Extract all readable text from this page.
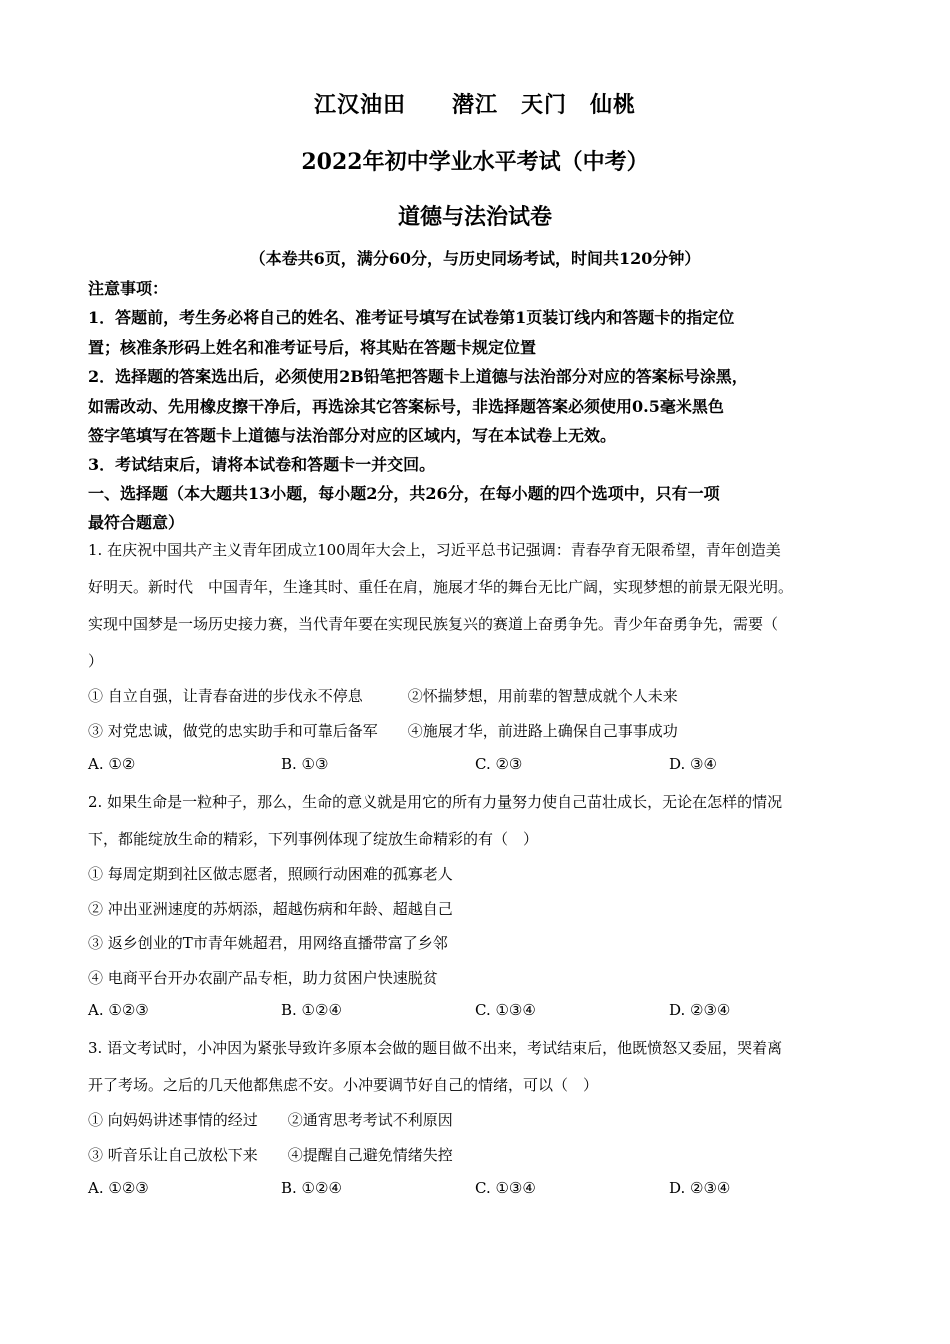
江汉油田　　潜江　天门　仙桃
2022年初中学业水平考试（中考）
道德与法治试卷
（本卷共6页，满分60分，与历史同场考试，时间共120分钟）
注意事项：
1．答题前，考生务必将自己的姓名、准考证号填写在试卷第1页装订线内和答题卡的指定位
置；核准条形码上姓名和准考证号后，将其贴在答题卡规定位置
2．选择题的答案选出后，必须使用2B铅笔把答题卡上道德与法治部分对应的答案标号涂黑，
如需改动、先用橡皮擦干净后，再选涂其它答案标号，非选择题答案必须使用0.5毫米黑色
签字笔填写在答题卡上道德与法治部分对应的区域内，写在本试卷上无效。
3．考试结束后，请将本试卷和答题卡一并交回。
一、选择题（本大题共13小题，每小题2分，共26分，在每小题的四个选项中，只有一项
最符合题意）
1. 在庆祝中国共产主义青年团成立100周年大会上，习近平总书记强调：青春孕育无限希望，青年创造美
好明天。新时代　中国青年，生逢其时、重任在肩，施展才华的舞台无比广阔，实现梦想的前景无限光明。
实现中国梦是一场历史接力赛，当代青年要在实现民族复兴的赛道上奋勇争先。青少年奋勇争先，需要（
）
① 自立自强，让青春奋进的步伐永不停息　　　②怀揣梦想，用前辈的智慧成就个人未来
③ 对党忠诚，做党的忠实助手和可靠后备军　　④施展才华，前进路上确保自己事事成功
A. ①②	B. ①③	C. ②③	D. ③④
2. 如果生命是一粒种子，那么，生命的意义就是用它的所有力量努力使自己苗壮成长，无论在怎样的情况
下，都能绽放生命的精彩，下列事例体现了绽放生命精彩的有（　）
① 每周定期到社区做志愿者，照顾行动困难的孤寡老人
② 冲出亚洲速度的苏炳添，超越伤病和年龄、超越自己
③ 返乡创业的T市青年姚超君，用网络直播带富了乡邻
④ 电商平台开办农副产品专柜，助力贫困户快速脱贫
A. ①②③	B. ①②④	C. ①③④	D. ②③④
3. 语文考试时，小冲因为紧张导致许多原本会做的题目做不出来，考试结束后，他既愤怒又委屈，哭着离
开了考场。之后的几天他都焦虑不安。小冲要调节好自己的情绪，可以（　）
① 向妈妈讲述事情的经过　　②通宵思考考试不利原因
③ 听音乐让自己放松下来　　④提醒自己避免情绪失控
A. ①②③	B. ①②④	C. ①③④	D. ②③④
